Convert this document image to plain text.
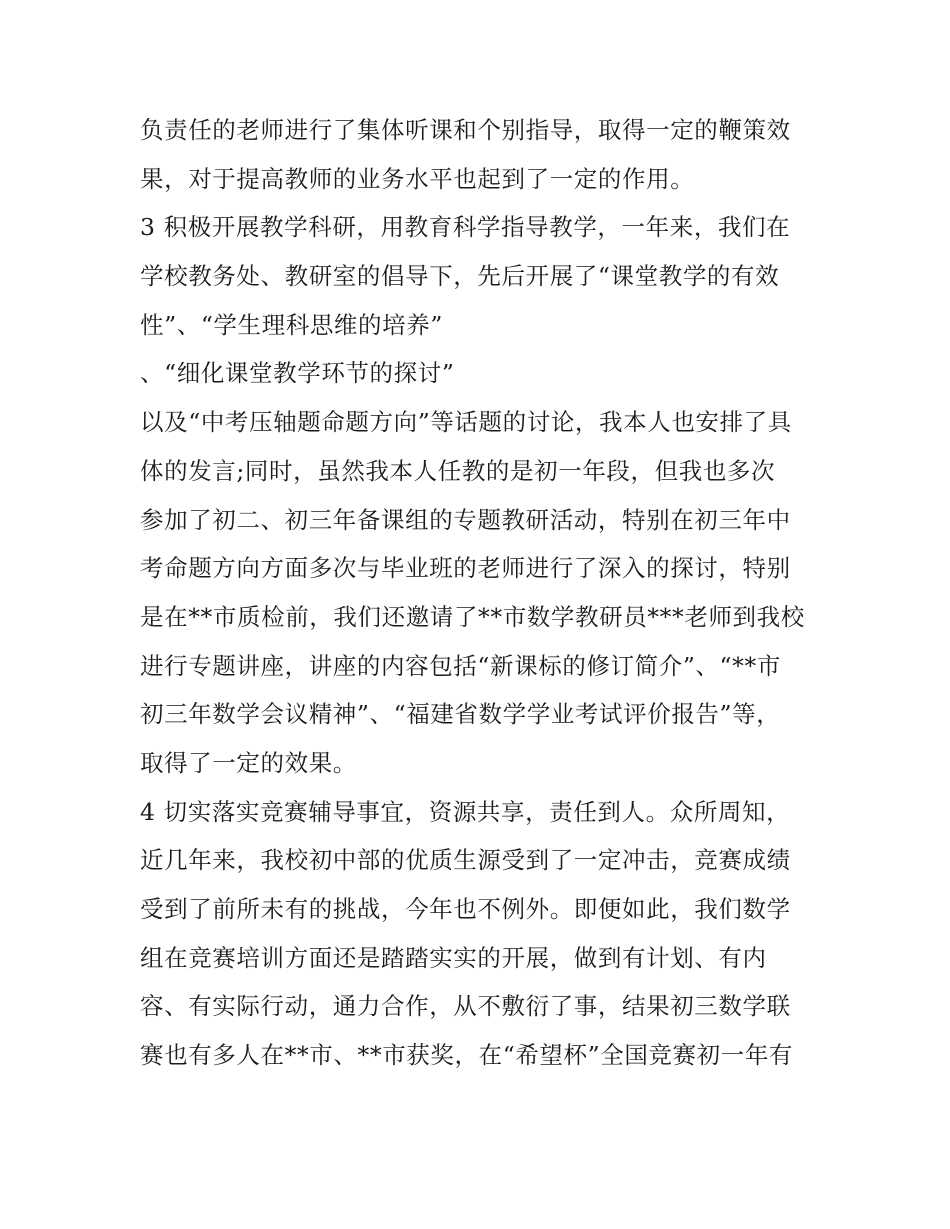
负责任的老师进行了集体听课和个别指导，取得一定的鞭策效
果，对于提高教师的业务水平也起到了一定的作用。
3 积极开展教学科研，用教育科学指导教学，一年来，我们在
学校教务处、教研室的倡导下，先后开展了“课堂教学的有效
性”、“学生理科思维的培养”
、“细化课堂教学环节的探讨”
以及“中考压轴题命题方向”等话题的讨论，我本人也安排了具
体的发言;同时，虽然我本人任教的是初一年段，但我也多次
参加了初二、初三年备课组的专题教研活动，特别在初三年中
考命题方向方面多次与毕业班的老师进行了深入的探讨，特别
是在**市质检前，我们还邀请了**市数学教研员***老师到我校
进行专题讲座，讲座的内容包括“新课标的修订简介”、“**市
初三年数学会议精神”、“福建省数学学业考试评价报告”等，
取得了一定的效果。
4 切实落实竞赛辅导事宜，资源共享，责任到人。众所周知，
近几年来，我校初中部的优质生源受到了一定冲击，竞赛成绩
受到了前所未有的挑战，今年也不例外。即便如此，我们数学
组在竞赛培训方面还是踏踏实实的开展，做到有计划、有内
容、有实际行动，通力合作，从不敷衍了事，结果初三数学联
赛也有多人在**市、**市获奖，在“希望杯”全国竞赛初一年有
